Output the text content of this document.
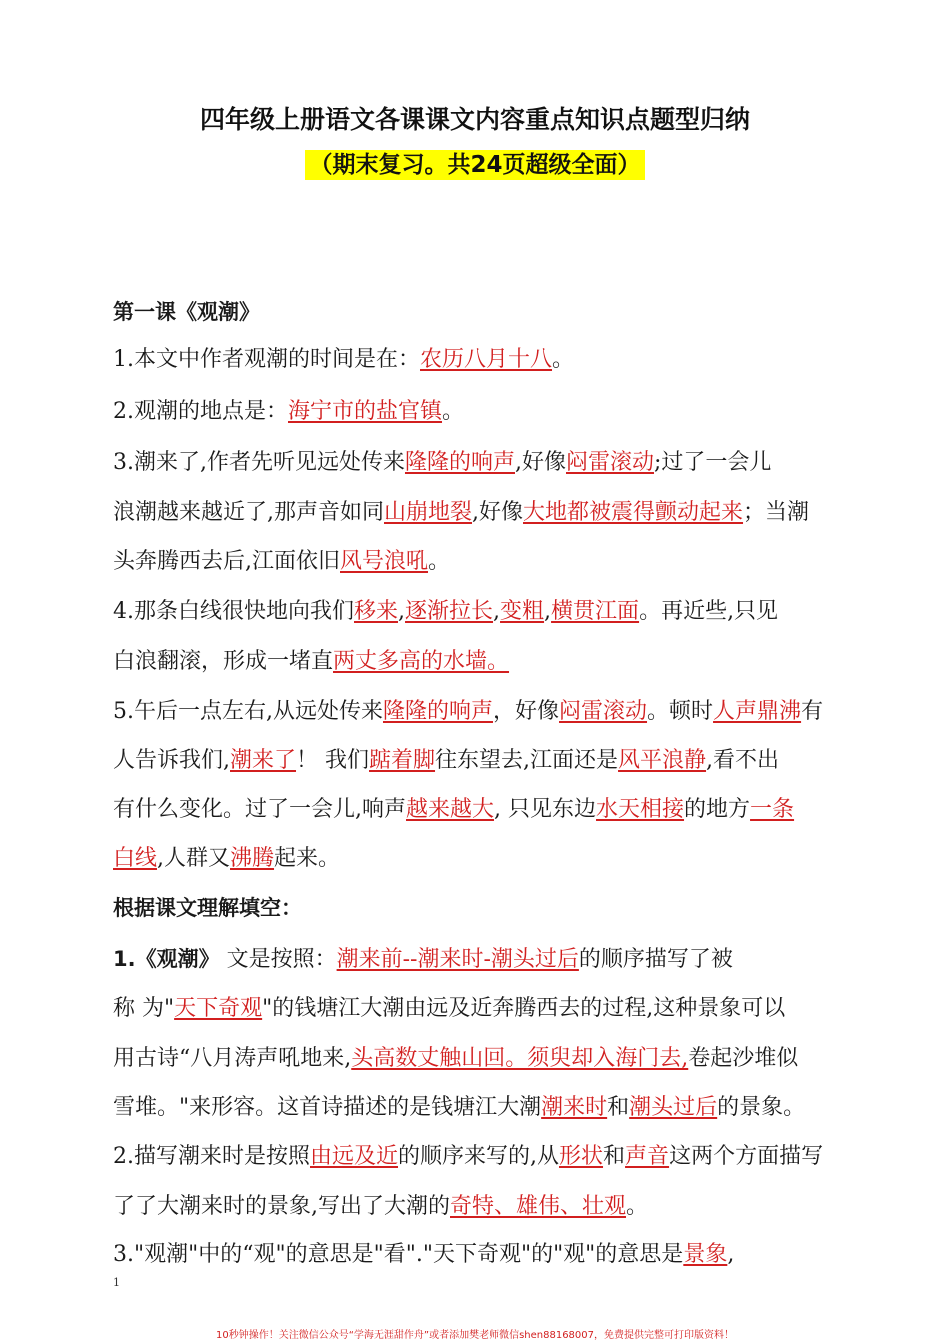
四年级上册语文各课课文内容重点知识点题型归纳
（期末复习。共24页超级全面）
第一课《观潮》
1.本文中作者观潮的时间是在：农历八月十八。
2.观潮的地点是：海宁市的盐官镇。
3.潮来了,作者先听见远处传来隆隆的响声,好像闷雷滚动;过了一会儿
浪潮越来越近了,那声音如同山崩地裂,好像大地都被震得颤动起来；当潮
头奔腾西去后,江面依旧风号浪吼。
4.那条白线很快地向我们移来,逐渐拉长,变粗,横贯江面。再近些,只见
白浪翻滚，形成一堵直两丈多高的水墙。
5.午后一点左右,从远处传来隆隆的响声，好像闷雷滚动。顿时人声鼎沸有
人告诉我们,潮来了！ 我们踮着脚往东望去,江面还是风平浪静,看不出
有什么变化。过了一会儿,响声越来越大, 只见东边水天相接的地方一条
白线,人群又沸腾起来。
根据课文理解填空：
1.《观潮》 文是按照：潮来前--潮来时-潮头过后的顺序描写了被
称 为"天下奇观"的钱塘江大潮由远及近奔腾西去的过程,这种景象可以
用古诗“八月涛声吼地来,头高数丈触山回。须臾却入海门去,卷起沙堆似
雪堆。"来形容。这首诗描述的是钱塘江大潮潮来时和潮头过后的景象。
2.描写潮来时是按照由远及近的顺序来写的,从形状和声音这两个方面描写
了了大潮来时的景象,写出了大潮的奇特、雄伟、壮观。
3."观潮"中的“观"的意思是"看"."天下奇观"的"观"的意思是景象,
1
10秒钟操作！关注微信公众号“学海无涯甜作舟”或者添加樊老师微信shen88168007，免费提供完整可打印版资料！
